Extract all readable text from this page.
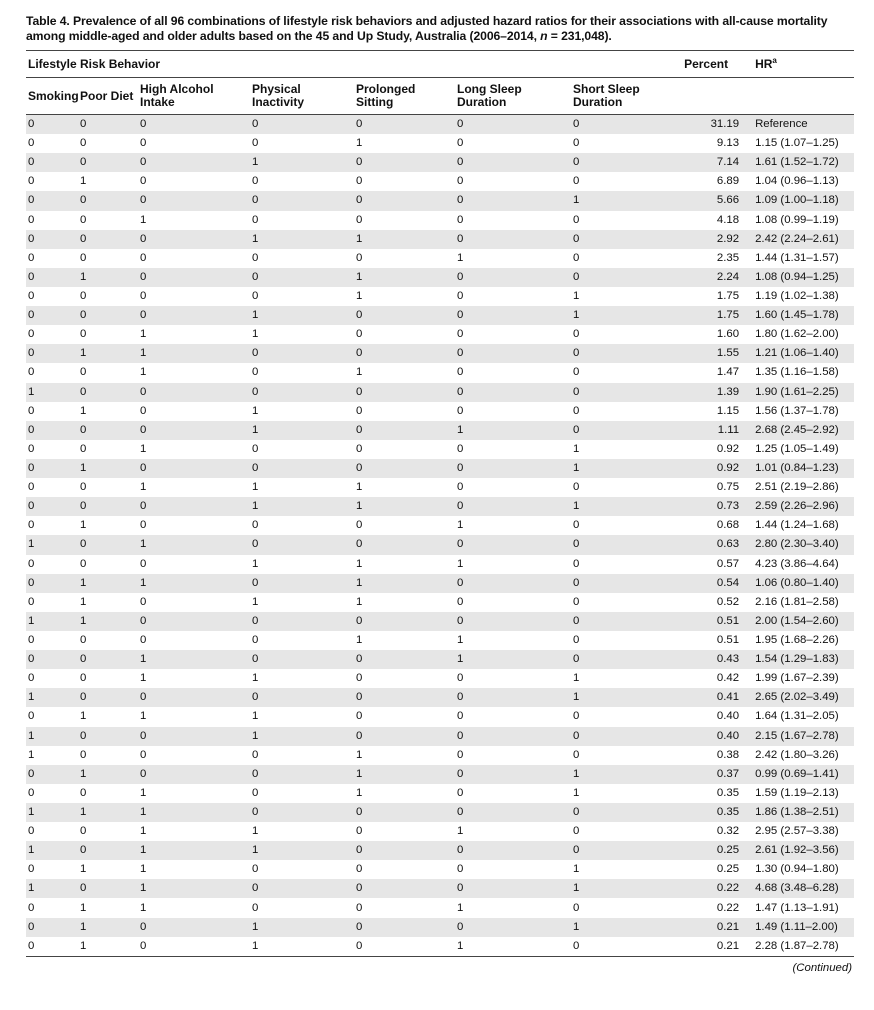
Table 4. Prevalence of all 96 combinations of lifestyle risk behaviors and adjusted hazard ratios for their associations with all-cause mortality among middle-aged and older adults based on the 45 and Up Study, Australia (2006–2014, n = 231,048).
Lifestyle Risk Behavior							Percent	$HR^a$
Smoking	Poor Diet	High Alcohol Intake	Physical Inactivity	Prolonged Sitting	Long Sleep Duration	Short Sleep Duration		
0	0	0	0	0	0	0	31.19	Reference
0	0	0	0	1	0	0	9.13	1.15 (1.07–1.25)
0	0	0	1	0	0	0	7.14	1.61 (1.52–1.72)
0	1	0	0	0	0	0	6.89	1.04 (0.96–1.13)
0	0	0	0	0	0	1	5.66	1.09 (1.00–1.18)
0	0	1	0	0	0	0	4.18	1.08 (0.99–1.19)
0	0	0	1	1	0	0	2.92	2.42 (2.24–2.61)
0	0	0	0	0	1	0	2.35	1.44 (1.31–1.57)
0	1	0	0	1	0	0	2.24	1.08 (0.94–1.25)
0	0	0	0	1	0	1	1.75	1.19 (1.02–1.38)
0	0	0	1	0	0	1	1.75	1.60 (1.45–1.78)
0	0	1	1	0	0	0	1.60	1.80 (1.62–2.00)
0	1	1	0	0	0	0	1.55	1.21 (1.06–1.40)
0	0	1	0	1	0	0	1.47	1.35 (1.16–1.58)
1	0	0	0	0	0	0	1.39	1.90 (1.61–2.25)
0	1	0	1	0	0	0	1.15	1.56 (1.37–1.78)
0	0	0	1	0	1	0	1.11	2.68 (2.45–2.92)
0	0	1	0	0	0	1	0.92	1.25 (1.05–1.49)
0	1	0	0	0	0	1	0.92	1.01 (0.84–1.23)
0	0	1	1	1	0	0	0.75	2.51 (2.19–2.86)
0	0	0	1	1	0	1	0.73	2.59 (2.26–2.96)
0	1	0	0	0	1	0	0.68	1.44 (1.24–1.68)
1	0	1	0	0	0	0	0.63	2.80 (2.30–3.40)
0	0	0	1	1	1	0	0.57	4.23 (3.86–4.64)
0	1	1	0	1	0	0	0.54	1.06 (0.80–1.40)
0	1	0	1	1	0	0	0.52	2.16 (1.81–2.58)
1	1	0	0	0	0	0	0.51	2.00 (1.54–2.60)
0	0	0	0	1	1	0	0.51	1.95 (1.68–2.26)
0	0	1	0	0	1	0	0.43	1.54 (1.29–1.83)
0	0	1	1	0	0	1	0.42	1.99 (1.67–2.39)
1	0	0	0	0	0	1	0.41	2.65 (2.02–3.49)
0	1	1	1	0	0	0	0.40	1.64 (1.31–2.05)
1	0	0	1	0	0	0	0.40	2.15 (1.67–2.78)
1	0	0	0	1	0	0	0.38	2.42 (1.80–3.26)
0	1	0	0	1	0	1	0.37	0.99 (0.69–1.41)
0	0	1	0	1	0	1	0.35	1.59 (1.19–2.13)
1	1	1	0	0	0	0	0.35	1.86 (1.38–2.51)
0	0	1	1	0	1	0	0.32	2.95 (2.57–3.38)
1	0	1	1	0	0	0	0.25	2.61 (1.92–3.56)
0	1	1	0	0	0	1	0.25	1.30 (0.94–1.80)
1	0	1	0	0	0	1	0.22	4.68 (3.48–6.28)
0	1	1	0	0	1	0	0.22	1.47 (1.13–1.91)
0	1	0	1	0	0	1	0.21	1.49 (1.11–2.00)
0	1	0	1	0	1	0	0.21	2.28 (1.87–2.78)
(Continued)
